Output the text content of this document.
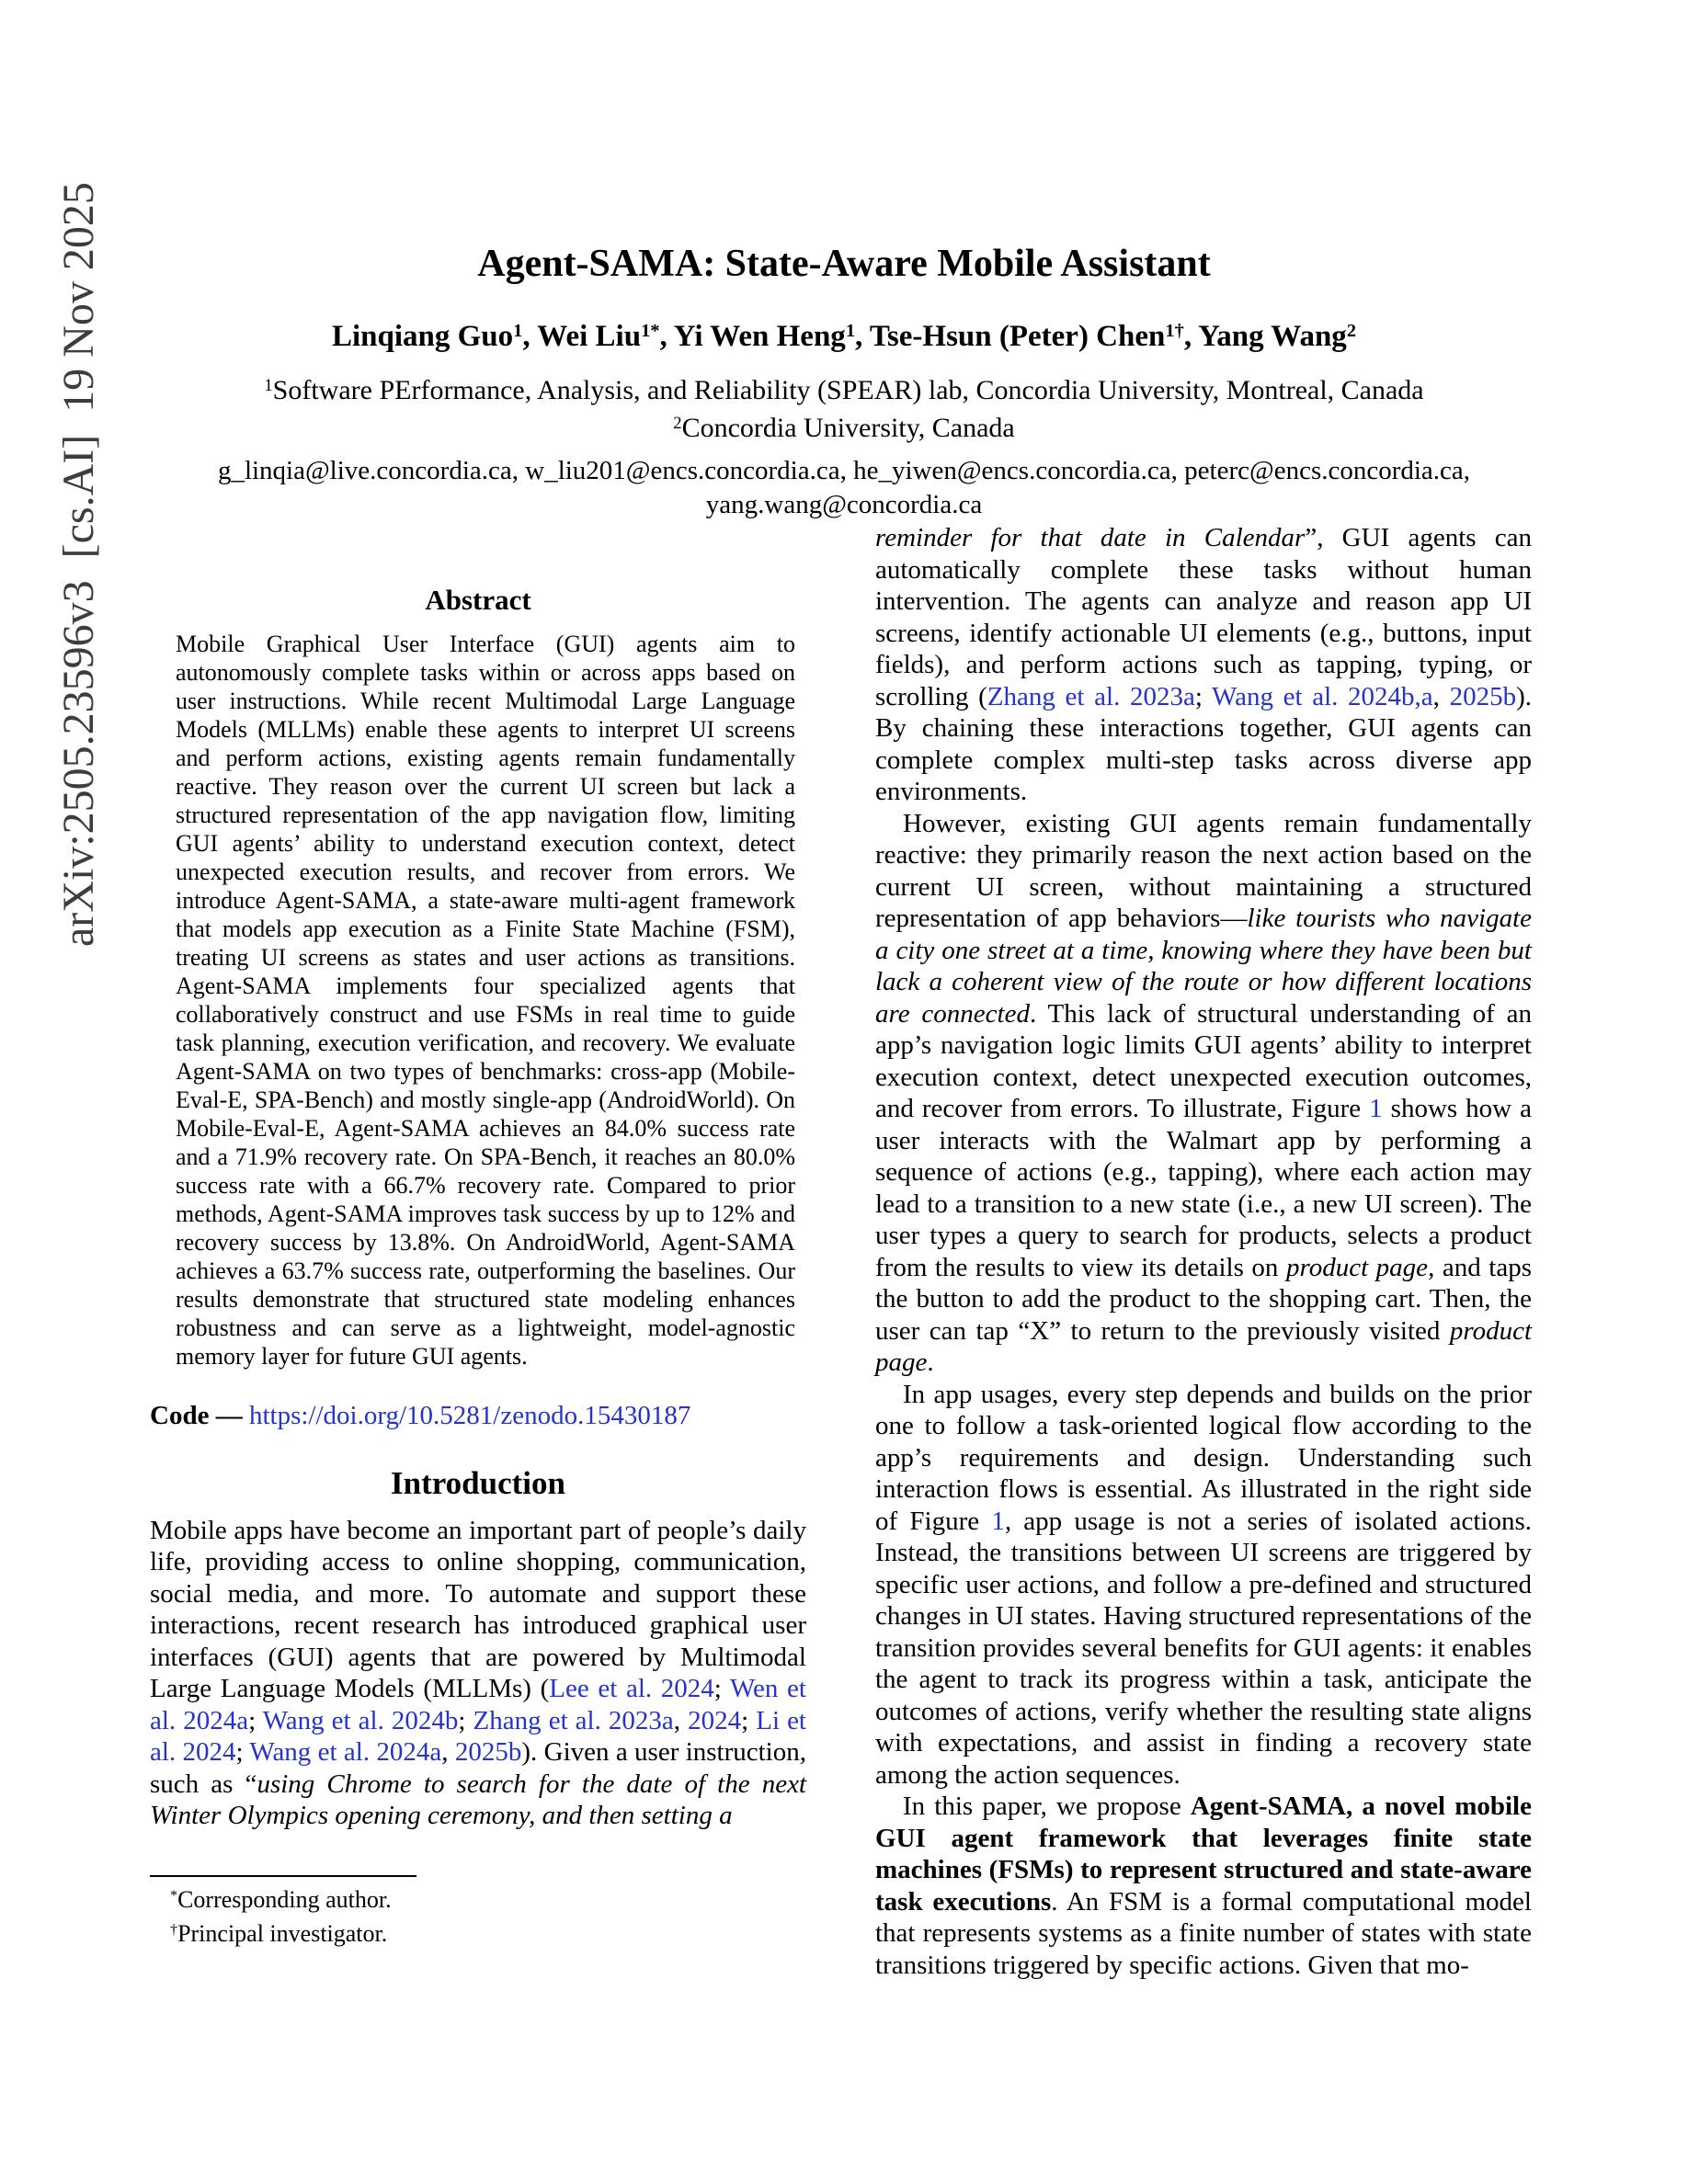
arXiv:2505.23596v3  [cs.AI]  19 Nov 2025	Agent-SAMA: State-Aware Mobile Assistant
Linqiang Guo$^1$, Wei Liu$^{1*}$, Yi Wen Heng$^1$, Tse-Hsun (Peter) Chen$^{1\dagger}$, Yang Wang$^2$
$^1$Software PErformance, Analysis, and Reliability (SPEAR) lab, Concordia University, Montreal, Canada
$^2$Concordia University, Canada
g_linqia@live.concordia.ca, w_liu201@encs.concordia.ca, he_yiwen@encs.concordia.ca, peterc@encs.concordia.ca,
yang.wang@concordia.ca
Abstract
Mobile Graphical User Interface (GUI) agents aim to autonomously complete tasks within or across apps based on user instructions. While recent Multimodal Large Language Models (MLLMs) enable these agents to interpret UI screens and perform actions, existing agents remain fundamentally reactive. They reason over the current UI screen but lack a structured representation of the app navigation flow, limiting GUI agents’ ability to understand execution context, detect unexpected execution results, and recover from errors. We introduce Agent-SAMA, a state-aware multi-agent framework that models app execution as a Finite State Machine (FSM), treating UI screens as states and user actions as transitions. Agent-SAMA implements four specialized agents that collaboratively construct and use FSMs in real time to guide task planning, execution verification, and recovery. We evaluate Agent-SAMA on two types of benchmarks: cross-app (Mobile-Eval-E, SPA-Bench) and mostly single-app (AndroidWorld). On Mobile-Eval-E, Agent-SAMA achieves an 84.0% success rate and a 71.9% recovery rate. On SPA-Bench, it reaches an 80.0% success rate with a 66.7% recovery rate. Compared to prior methods, Agent-SAMA improves task success by up to 12% and recovery success by 13.8%. On AndroidWorld, Agent-SAMA achieves a 63.7% success rate, outperforming the baselines. Our results demonstrate that structured state modeling enhances robustness and can serve as a lightweight, model-agnostic memory layer for future GUI agents.
Code — https://doi.org/10.5281/zenodo.15430187
Introduction

Mobile apps have become an important part of people’s daily life, providing access to online shopping, communication, social media, and more. To automate and support these interactions, recent research has introduced graphical user interfaces (GUI) agents that are powered by Multimodal Large Language Models (MLLMs) (Lee et al. 2024; Wen et al. 2024a; Wang et al. 2024b; Zhang et al. 2023a, 2024; Li et al. 2024; Wang et al. 2024a, 2025b). Given a user instruction, such as “using Chrome to search for the date of the next Winter Olympics opening ceremony, and then setting a

*Corresponding author.

†Principal investigator.

reminder for that date in Calendar”, GUI agents can automatically complete these tasks without human intervention. The agents can analyze and reason app UI screens, identify actionable UI elements (e.g., buttons, input fields), and perform actions such as tapping, typing, or scrolling (Zhang et al. 2023a; Wang et al. 2024b,a, 2025b). By chaining these interactions together, GUI agents can complete complex multi-step tasks across diverse app environments.

However, existing GUI agents remain fundamentally reactive: they primarily reason the next action based on the current UI screen, without maintaining a structured representation of app behaviors—like tourists who navigate a city one street at a time, knowing where they have been but lack a coherent view of the route or how different locations are connected. This lack of structural understanding of an app’s navigation logic limits GUI agents’ ability to interpret execution context, detect unexpected execution outcomes, and recover from errors. To illustrate, Figure 1 shows how a user interacts with the Walmart app by performing a sequence of actions (e.g., tapping), where each action may lead to a transition to a new state (i.e., a new UI screen). The user types a query to search for products, selects a product from the results to view its details on product page, and taps the button to add the product to the shopping cart. Then, the user can tap “X” to return to the previously visited product page.

In app usages, every step depends and builds on the prior one to follow a task-oriented logical flow according to the app’s requirements and design. Understanding such interaction flows is essential. As illustrated in the right side of Figure 1, app usage is not a series of isolated actions. Instead, the transitions between UI screens are triggered by specific user actions, and follow a pre-defined and structured changes in UI states. Having structured representations of the transition provides several benefits for GUI agents: it enables the agent to track its progress within a task, anticipate the outcomes of actions, verify whether the resulting state aligns with expectations, and assist in finding a recovery state among the action sequences.

In this paper, we propose Agent-SAMA, a novel mobile GUI agent framework that leverages finite state machines (FSMs) to represent structured and state-aware task executions. An FSM is a formal computational model that represents systems as a finite number of states with state transitions triggered by specific actions. Given that mo-
